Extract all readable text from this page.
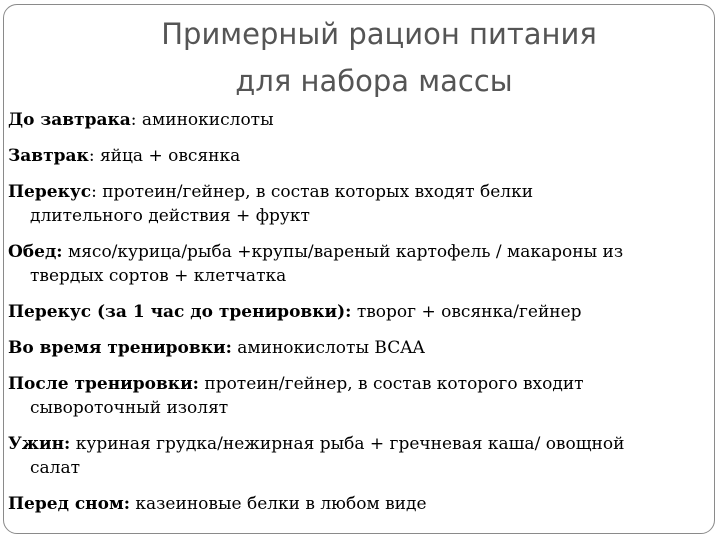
Примерный рацион питания
для набора массы
До завтрака: аминокислоты
Завтрак: яйца + овсянка
Перекус: протеин/гейнер, в состав которых входят белки
длительного действия + фрукт
Обед: мясо/курица/рыба +крупы/вареный картофель / макароны из
твердых сортов + клетчатка
Перекус (за 1 час до тренировки): творог + овсянка/гейнер
Во время тренировки: аминокислоты BCAA
После тренировки: протеин/гейнер, в состав которого входит
сывороточный изолят
Ужин: куриная грудка/нежирная рыба + гречневая каша/ овощной
салат
Перед сном: казеиновые белки в любом виде
